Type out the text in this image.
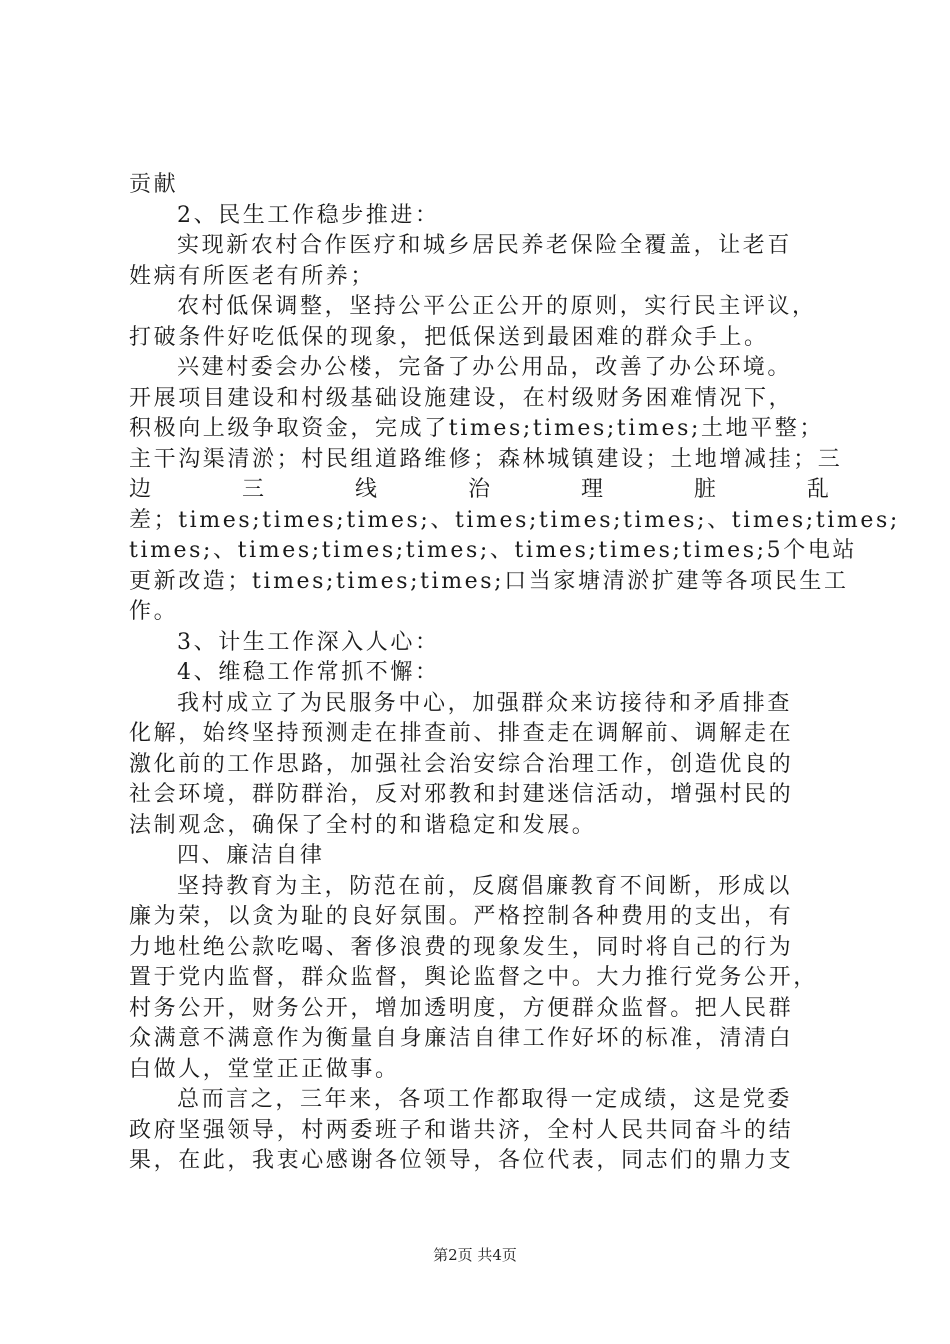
贡献
2、民生工作稳步推进：
实现新农村合作医疗和城乡居民养老保险全覆盖，让老百
姓病有所医老有所养；
农村低保调整，坚持公平公正公开的原则，实行民主评议，
打破条件好吃低保的现象，把低保送到最困难的群众手上。
兴建村委会办公楼，完备了办公用品，改善了办公环境。
开展项目建设和村级基础设施建设，在村级财务困难情况下，
积极向上级争取资金，完成了times;times;times;土地平整；
主干沟渠清淤；村民组道路维修；森林城镇建设；土地增减挂；三
边	三	线	治	理	脏	乱
差；times;times;times;、times;times;times;、times;times;
times;、times;times;times;、times;times;times;5个电站
更新改造；times;times;times;口当家塘清淤扩建等各项民生工
作。
3、计生工作深入人心：
4、维稳工作常抓不懈：
我村成立了为民服务中心，加强群众来访接待和矛盾排查
化解，始终坚持预测走在排查前、排查走在调解前、调解走在
激化前的工作思路，加强社会治安综合治理工作，创造优良的
社会环境，群防群治，反对邪教和封建迷信活动，增强村民的
法制观念，确保了全村的和谐稳定和发展。
四、廉洁自律
坚持教育为主，防范在前，反腐倡廉教育不间断，形成以
廉为荣，以贪为耻的良好氛围。严格控制各种费用的支出，有
力地杜绝公款吃喝、奢侈浪费的现象发生，同时将自己的行为
置于党内监督，群众监督，舆论监督之中。大力推行党务公开，
村务公开，财务公开，增加透明度，方便群众监督。把人民群
众满意不满意作为衡量自身廉洁自律工作好坏的标准，清清白
白做人，堂堂正正做事。
总而言之，三年来，各项工作都取得一定成绩，这是党委
政府坚强领导，村两委班子和谐共济，全村人民共同奋斗的结
果，在此，我衷心感谢各位领导，各位代表，同志们的鼎力支
第2页 共4页
